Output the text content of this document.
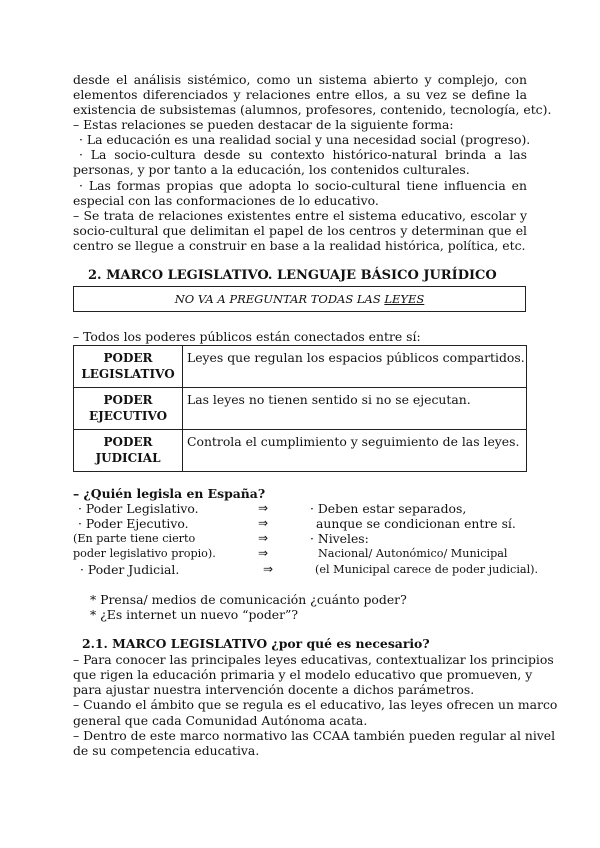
desde el análisis sistémico, como un sistema abierto y complejo, con
elementos diferenciados y relaciones entre ellos, a su vez se define la
existencia de subsistemas (alumnos, profesores, contenido, tecnología, etc).
– Estas relaciones se pueden destacar de la siguiente forma:
· La educación es una realidad social y una necesidad social (progreso).
· La socio-cultura desde su contexto histórico-natural brinda a las
personas, y por tanto a la educación, los contenidos culturales.
· Las formas propias que adopta lo socio-cultural tiene influencia en
especial con las conformaciones de lo educativo.
– Se trata de relaciones existentes entre el sistema educativo, escolar y
socio-cultural que delimitan el papel de los centros y determinan que el
centro se llegue a construir en base a la realidad histórica, política, etc.
2. MARCO LEGISLATIVO. LENGUAJE BÁSICO JURÍDICO
NO VA A PREGUNTAR TODAS LAS LEYES
– Todos los poderes públicos están conectados entre sí:
PODER
LEGISLATIVO	Leyes que regulan los espacios públicos compartidos.

PODER
EJECUTIVO	Las leyes no tienen sentido si no se ejecutan.

PODER
JUDICIAL	Controla el cumplimiento y seguimiento de las leyes.
– ¿Quién legisla en España?
· Poder Legislativo.	⇒	· Deben estar separados,
· Poder Ejecutivo.	⇒	aunque se condicionan entre sí.
(En parte tiene cierto	⇒	· Niveles:
poder legislativo propio).	⇒	Nacional/ Autonómico/ Municipal
· Poder Judicial.	⇒	(el Municipal carece de poder judicial).
* Prensa/ medios de comunicación ¿cuánto poder?
* ¿Es internet un nuevo “poder”?
2.1. MARCO LEGISLATIVO ¿por qué es necesario?
– Para conocer las principales leyes educativas, contextualizar los principios
que rigen la educación primaria y el modelo educativo que promueven, y
para ajustar nuestra intervención docente a dichos parámetros.
– Cuando el ámbito que se regula es el educativo, las leyes ofrecen un marco
general que cada Comunidad Autónoma acata.
– Dentro de este marco normativo las CCAA también pueden regular al nivel
de su competencia educativa.
